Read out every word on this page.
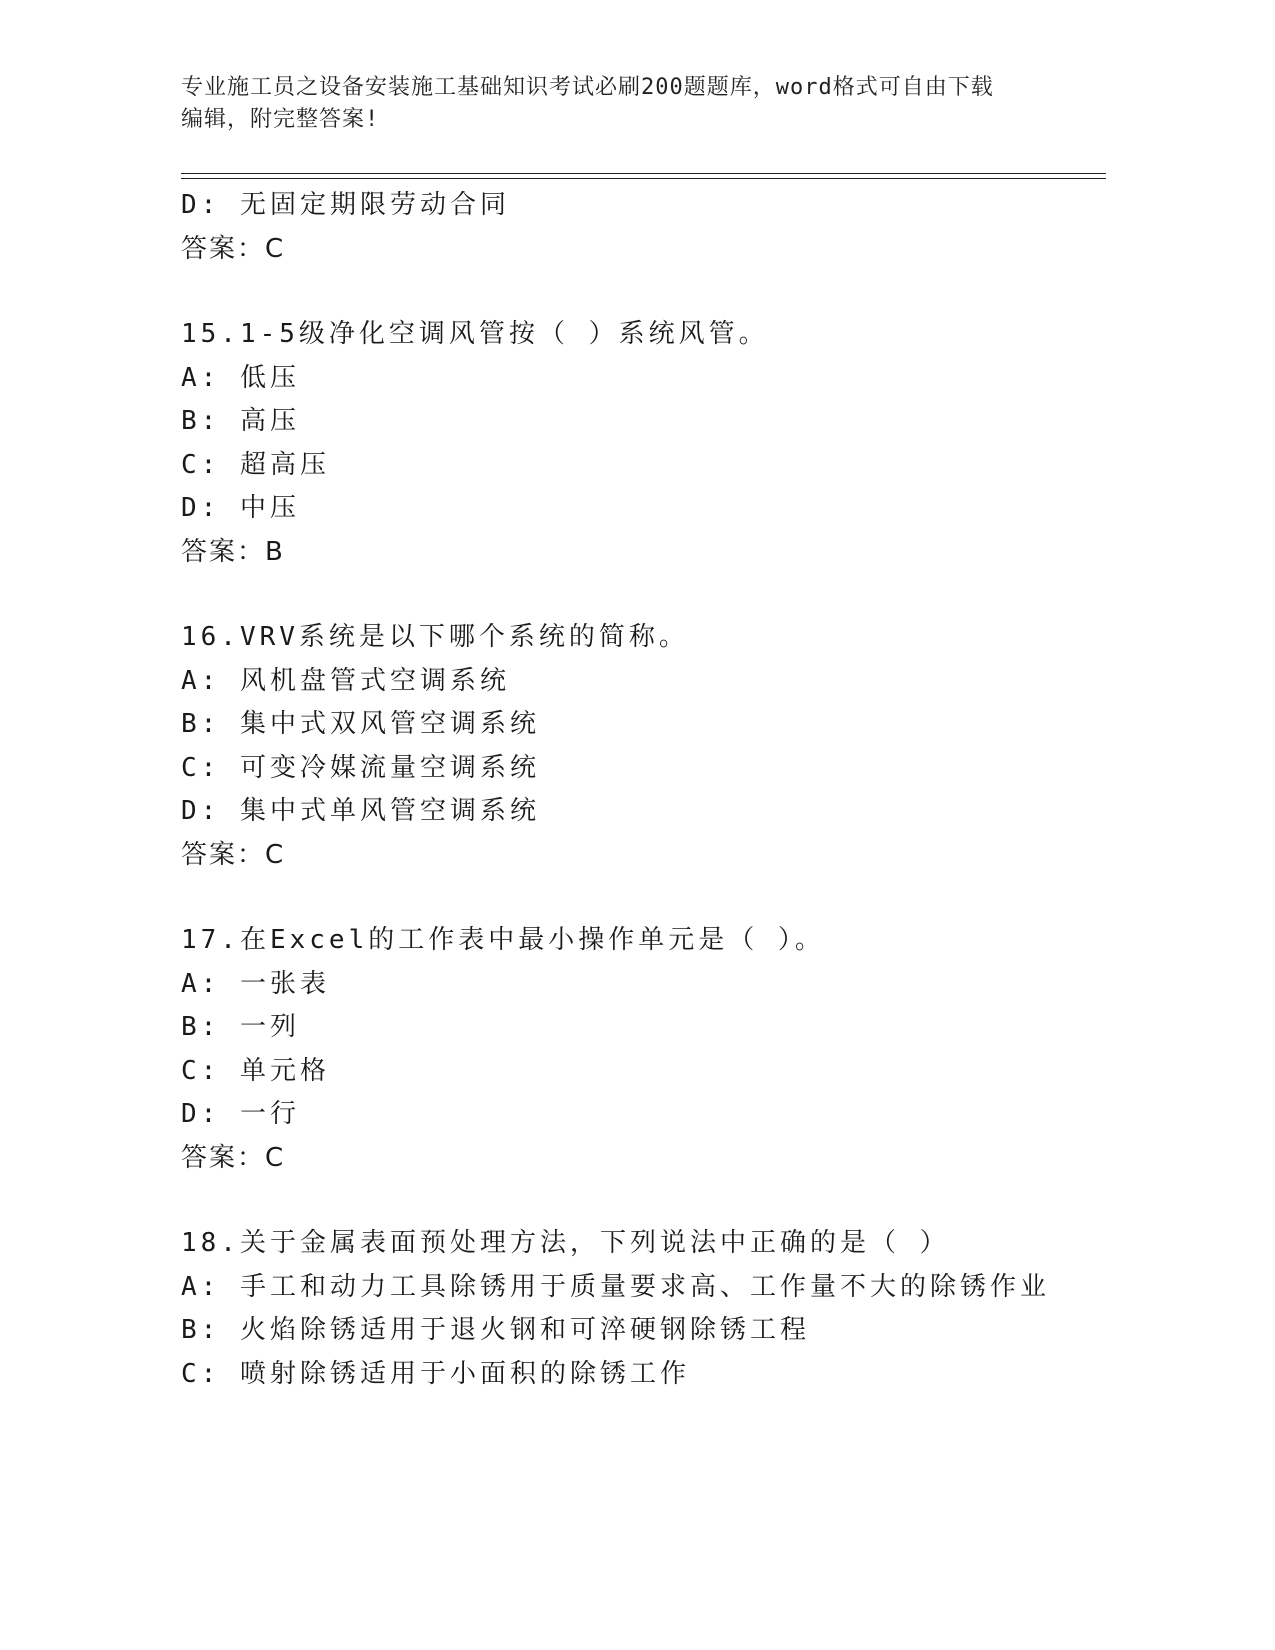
专业施工员之设备安装施工基础知识考试必刷200题题库，word格式可自由下载
编辑，附完整答案!
D: 无固定期限劳动合同
答案：C
15.1-5级净化空调风管按（ ）系统风管。
A: 低压
B: 高压
C: 超高压
D: 中压
答案：B
16.VRV系统是以下哪个系统的简称。
A: 风机盘管式空调系统
B: 集中式双风管空调系统
C: 可变冷媒流量空调系统
D: 集中式单风管空调系统
答案：C
17.在Excel的工作表中最小操作单元是（ ）。
A: 一张表
B: 一列
C: 单元格
D: 一行
答案：C
18.关于金属表面预处理方法，下列说法中正确的是（ ）
A: 手工和动力工具除锈用于质量要求高、工作量不大的除锈作业
B: 火焰除锈适用于退火钢和可淬硬钢除锈工程
C: 喷射除锈适用于小面积的除锈工作
